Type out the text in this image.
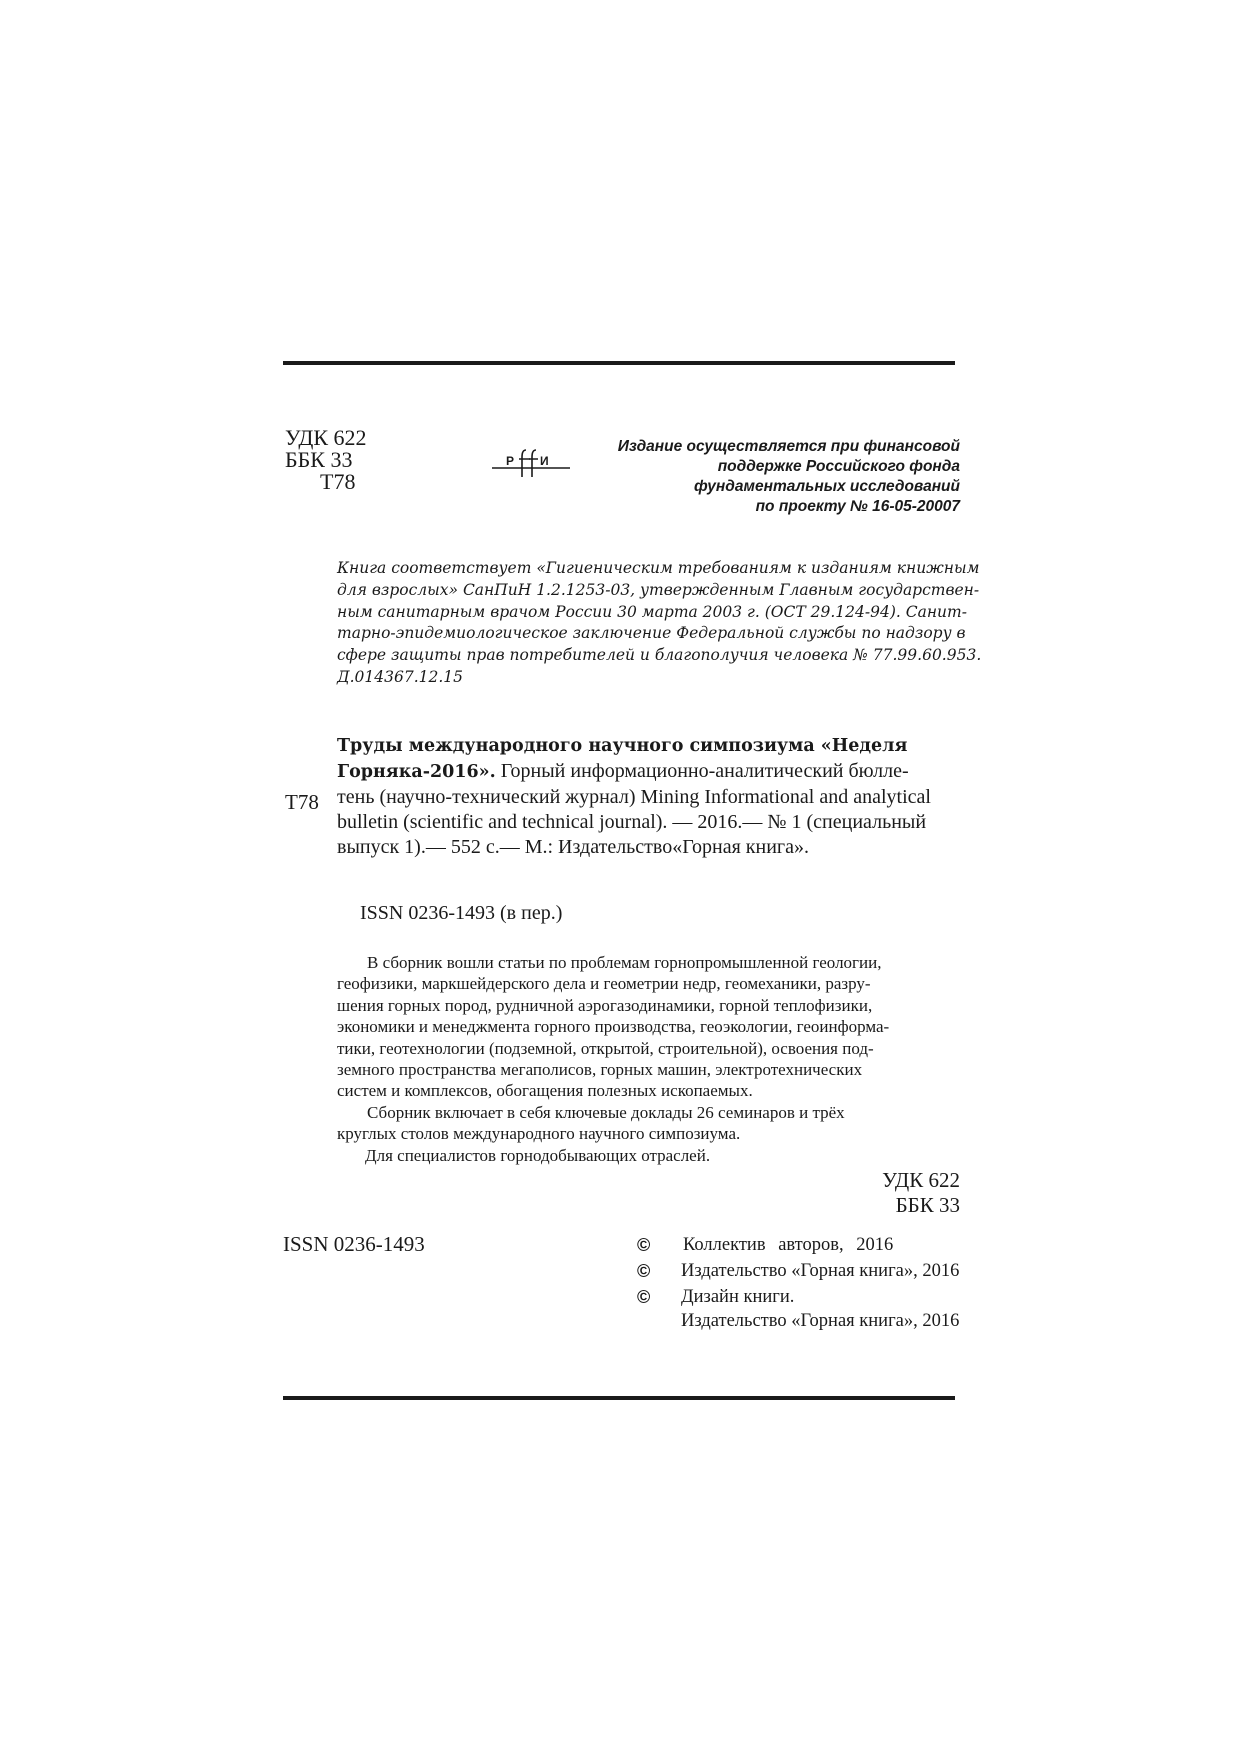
УДК 622
ББК 33
Т78
Р И
Издание осуществляется при финансовой
поддержке Российского фонда
фундаментальных исследований
по проекту № 16-05-20007
Книга соответствует «Гигиеническим требованиям к изданиям книжным
для взрослых» СанПиН 1.2.1253-03, утвержденным Главным государствен-
ным санитарным врачом России 30 марта 2003 г. (ОСТ 29.124-94). Санит-
тарно-эпидемиологическое заключение Федеральной службы по надзору в
сфере защиты прав потребителей и благополучия человека № 77.99.60.953.
Д.014367.12.15
Т78
Труды международного научного симпозиума «Неделя
Горняка-2016». Горный информационно-аналитический бюлле-
тень (научно-технический журнал) Mining Informational and analytical
bulletin (scientific and technical journal). — 2016.— № 1 (специальный
выпуск 1).— 552 с.— М.: Издательство«Горная книга».
ISSN 0236-1493 (в пер.)
В сборник вошли статьи по проблемам горнопромышленной геологии,
геофизики, маркшейдерского дела и геометрии недр, геомеханики, разру-
шения горных пород, рудничной аэрогазодинамики, горной теплофизики,
экономики и менеджмента горного производства, геоэкологии, геоинформа-
тики, геотехнологии (подземной, открытой, строительной), освоения под-
земного пространства мегаполисов, горных машин, электротехнических
систем и комплексов, обогащения полезных ископаемых.
Сборник включает в себя ключевые доклады 26 семинаров и трёх
круглых столов международного научного симпозиума.
Для специалистов горнодобывающих отраслей.
УДК 622
ББК 33
ISSN 0236-1493	© Коллектив авторов, 2016
© Издательство «Горная книга», 2016
© Дизайн книги.
Издательство «Горная книга», 2016
